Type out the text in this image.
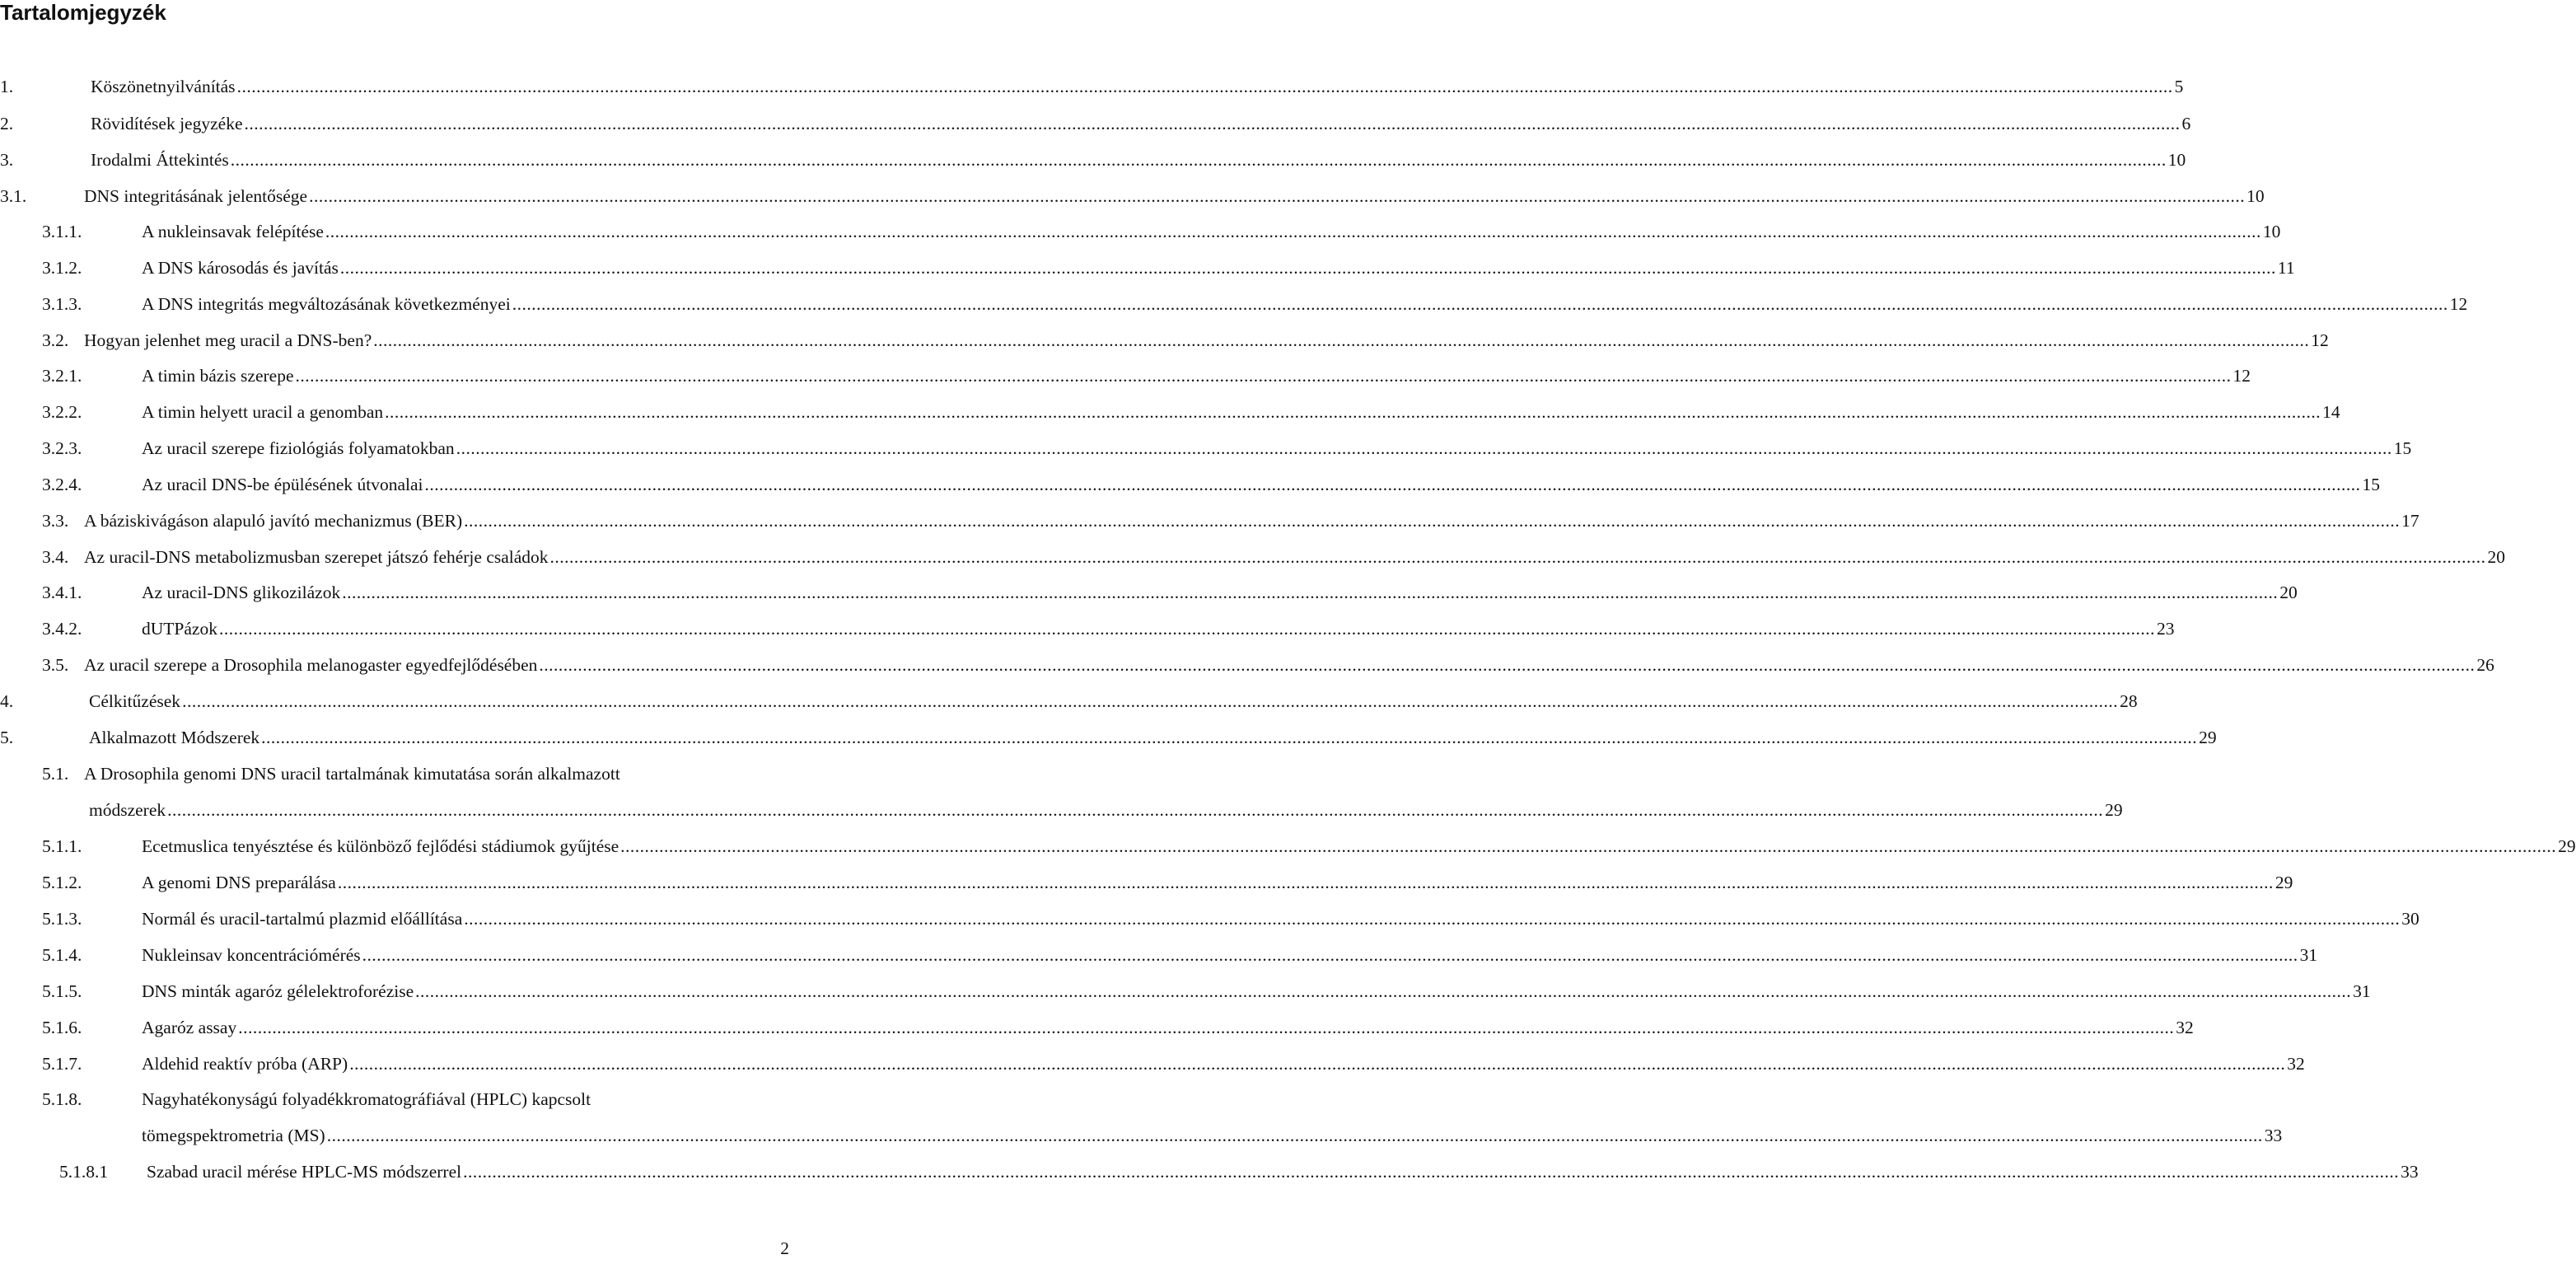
Tartalomjegyzék
1.	Köszönetnyilvánítás ................................................................................................................................................................................................................................................................................................................................................................................................................ 5
2.	Rövidítések jegyzéke ................................................................................................................................................................................................................................................................................................................................................................................................................ 6
3.	Irodalmi Áttekintés ................................................................................................................................................................................................................................................................................................................................................................................................................ 10
3.1.	DNS integritásának jelentősége ................................................................................................................................................................................................................................................................................................................................................................................................................ 10
3.1.1.	A nukleinsavak felépítése ................................................................................................................................................................................................................................................................................................................................................................................................................ 10
3.1.2.	A DNS károsodás és javítás ................................................................................................................................................................................................................................................................................................................................................................................................................ 11
3.1.3.	A DNS integritás megváltozásának következményei ................................................................................................................................................................................................................................................................................................................................................................................................................ 12
3.2. Hogyan jelenhet meg uracil a DNS-ben? ................................................................................................................................................................................................................................................................................................................................................................................................................ 12
3.2.1.	A timin bázis szerepe ................................................................................................................................................................................................................................................................................................................................................................................................................ 12
3.2.2.	A timin helyett uracil a genomban ................................................................................................................................................................................................................................................................................................................................................................................................................ 14
3.2.3.	Az uracil szerepe fiziológiás folyamatokban ................................................................................................................................................................................................................................................................................................................................................................................................................ 15
3.2.4.	Az uracil DNS-be épülésének útvonalai ................................................................................................................................................................................................................................................................................................................................................................................................................ 15
3.3. A báziskivágáson alapuló javító mechanizmus (BER) ................................................................................................................................................................................................................................................................................................................................................................................................................ 17
3.4. Az uracil-DNS metabolizmusban szerepet játszó fehérje családok ................................................................................................................................................................................................................................................................................................................................................................................................................ 20
3.4.1.	Az uracil-DNS glikozilázok ................................................................................................................................................................................................................................................................................................................................................................................................................ 20
3.4.2.	dUTPázok ................................................................................................................................................................................................................................................................................................................................................................................................................ 23
3.5. Az uracil szerepe a Drosophila melanogaster egyedfejlődésében ................................................................................................................................................................................................................................................................................................................................................................................................................ 26
4.	Célkitűzések ................................................................................................................................................................................................................................................................................................................................................................................................................ 28
5.	Alkalmazott Módszerek ................................................................................................................................................................................................................................................................................................................................................................................................................ 29
5.1. A Drosophila genomi DNS uracil tartalmának kimutatása során alkalmazott
módszerek ................................................................................................................................................................................................................................................................................................................................................................................................................ 29
5.1.1.	Ecetmuslica tenyésztése és különböző fejlődési stádiumok gyűjtése ................................................................................................................................................................................................................................................................................................................................................................................................................ 29
5.1.2.	A genomi DNS preparálása ................................................................................................................................................................................................................................................................................................................................................................................................................ 29
5.1.3.	Normál és uracil-tartalmú plazmid előállítása ................................................................................................................................................................................................................................................................................................................................................................................................................ 30
5.1.4.	Nukleinsav koncentrációmérés ................................................................................................................................................................................................................................................................................................................................................................................................................ 31
5.1.5.	DNS minták agaróz gélelektroforézise ................................................................................................................................................................................................................................................................................................................................................................................................................ 31
5.1.6.	Agaróz assay ................................................................................................................................................................................................................................................................................................................................................................................................................ 32
5.1.7.	Aldehid reaktív próba (ARP) ................................................................................................................................................................................................................................................................................................................................................................................................................ 32
5.1.8.	Nagyhatékonyságú folyadékkromatográfiával (HPLC) kapcsolt
tömegspektrometria (MS) ................................................................................................................................................................................................................................................................................................................................................................................................................ 33
5.1.8.1 Szabad uracil mérése HPLC-MS módszerrel ................................................................................................................................................................................................................................................................................................................................................................................................................ 33
2
